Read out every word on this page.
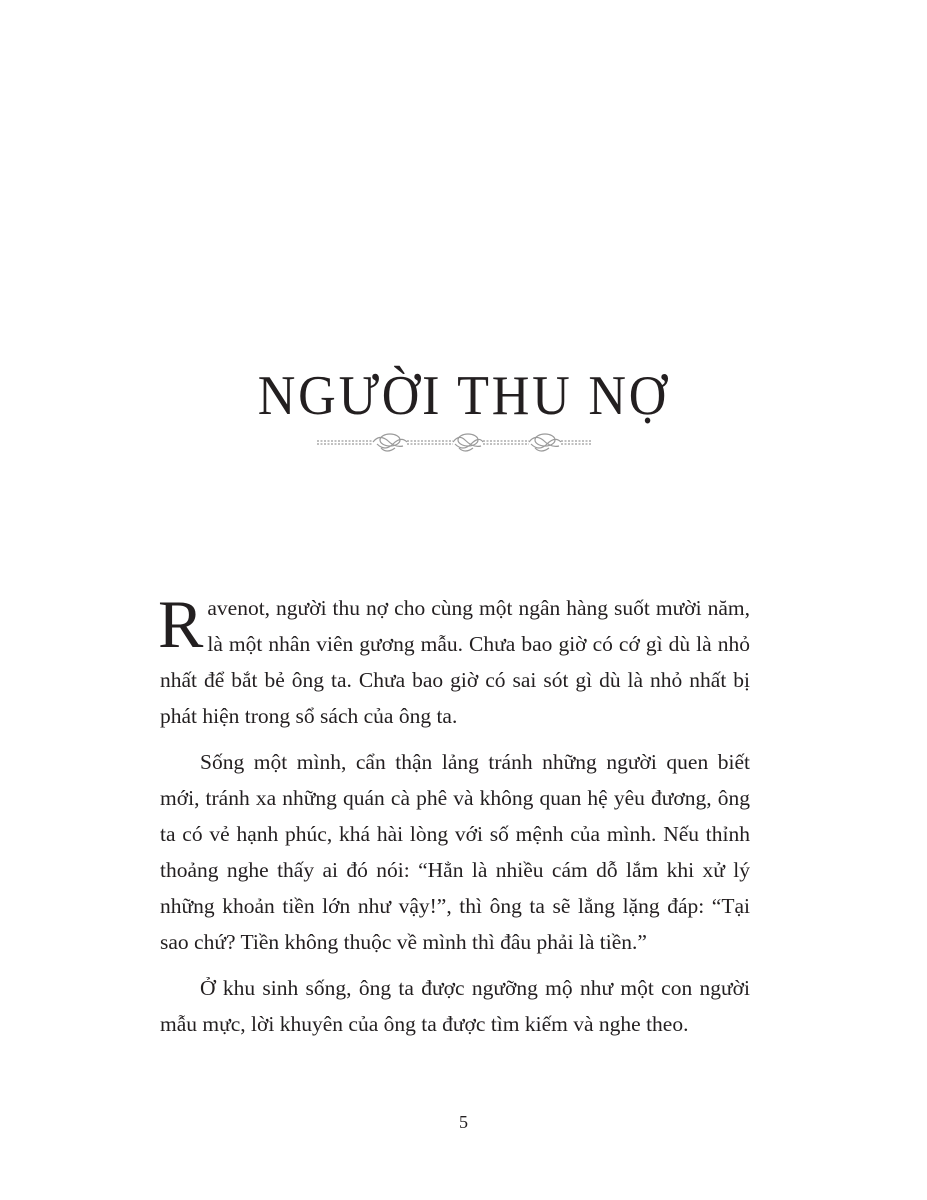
NGƯỜI THU NỢ

Ravenot, người thu nợ cho cùng một ngân hàng suốt mười năm, là một nhân viên gương mẫu. Chưa bao giờ có cớ gì dù là nhỏ nhất để bắt bẻ ông ta. Chưa bao giờ có sai sót gì dù là nhỏ nhất bị phát hiện trong sổ sách của ông ta.

Sống một mình, cẩn thận lảng tránh những người quen biết mới, tránh xa những quán cà phê và không quan hệ yêu đương, ông ta có vẻ hạnh phúc, khá hài lòng với số mệnh của mình. Nếu thỉnh thoảng nghe thấy ai đó nói: “Hẳn là nhiều cám dỗ lắm khi xử lý những khoản tiền lớn như vậy!”, thì ông ta sẽ lẳng lặng đáp: “Tại sao chứ? Tiền không thuộc về mình thì đâu phải là tiền.”

Ở khu sinh sống, ông ta được ngưỡng mộ như một con người mẫu mực, lời khuyên của ông ta được tìm kiếm và nghe theo.

5
